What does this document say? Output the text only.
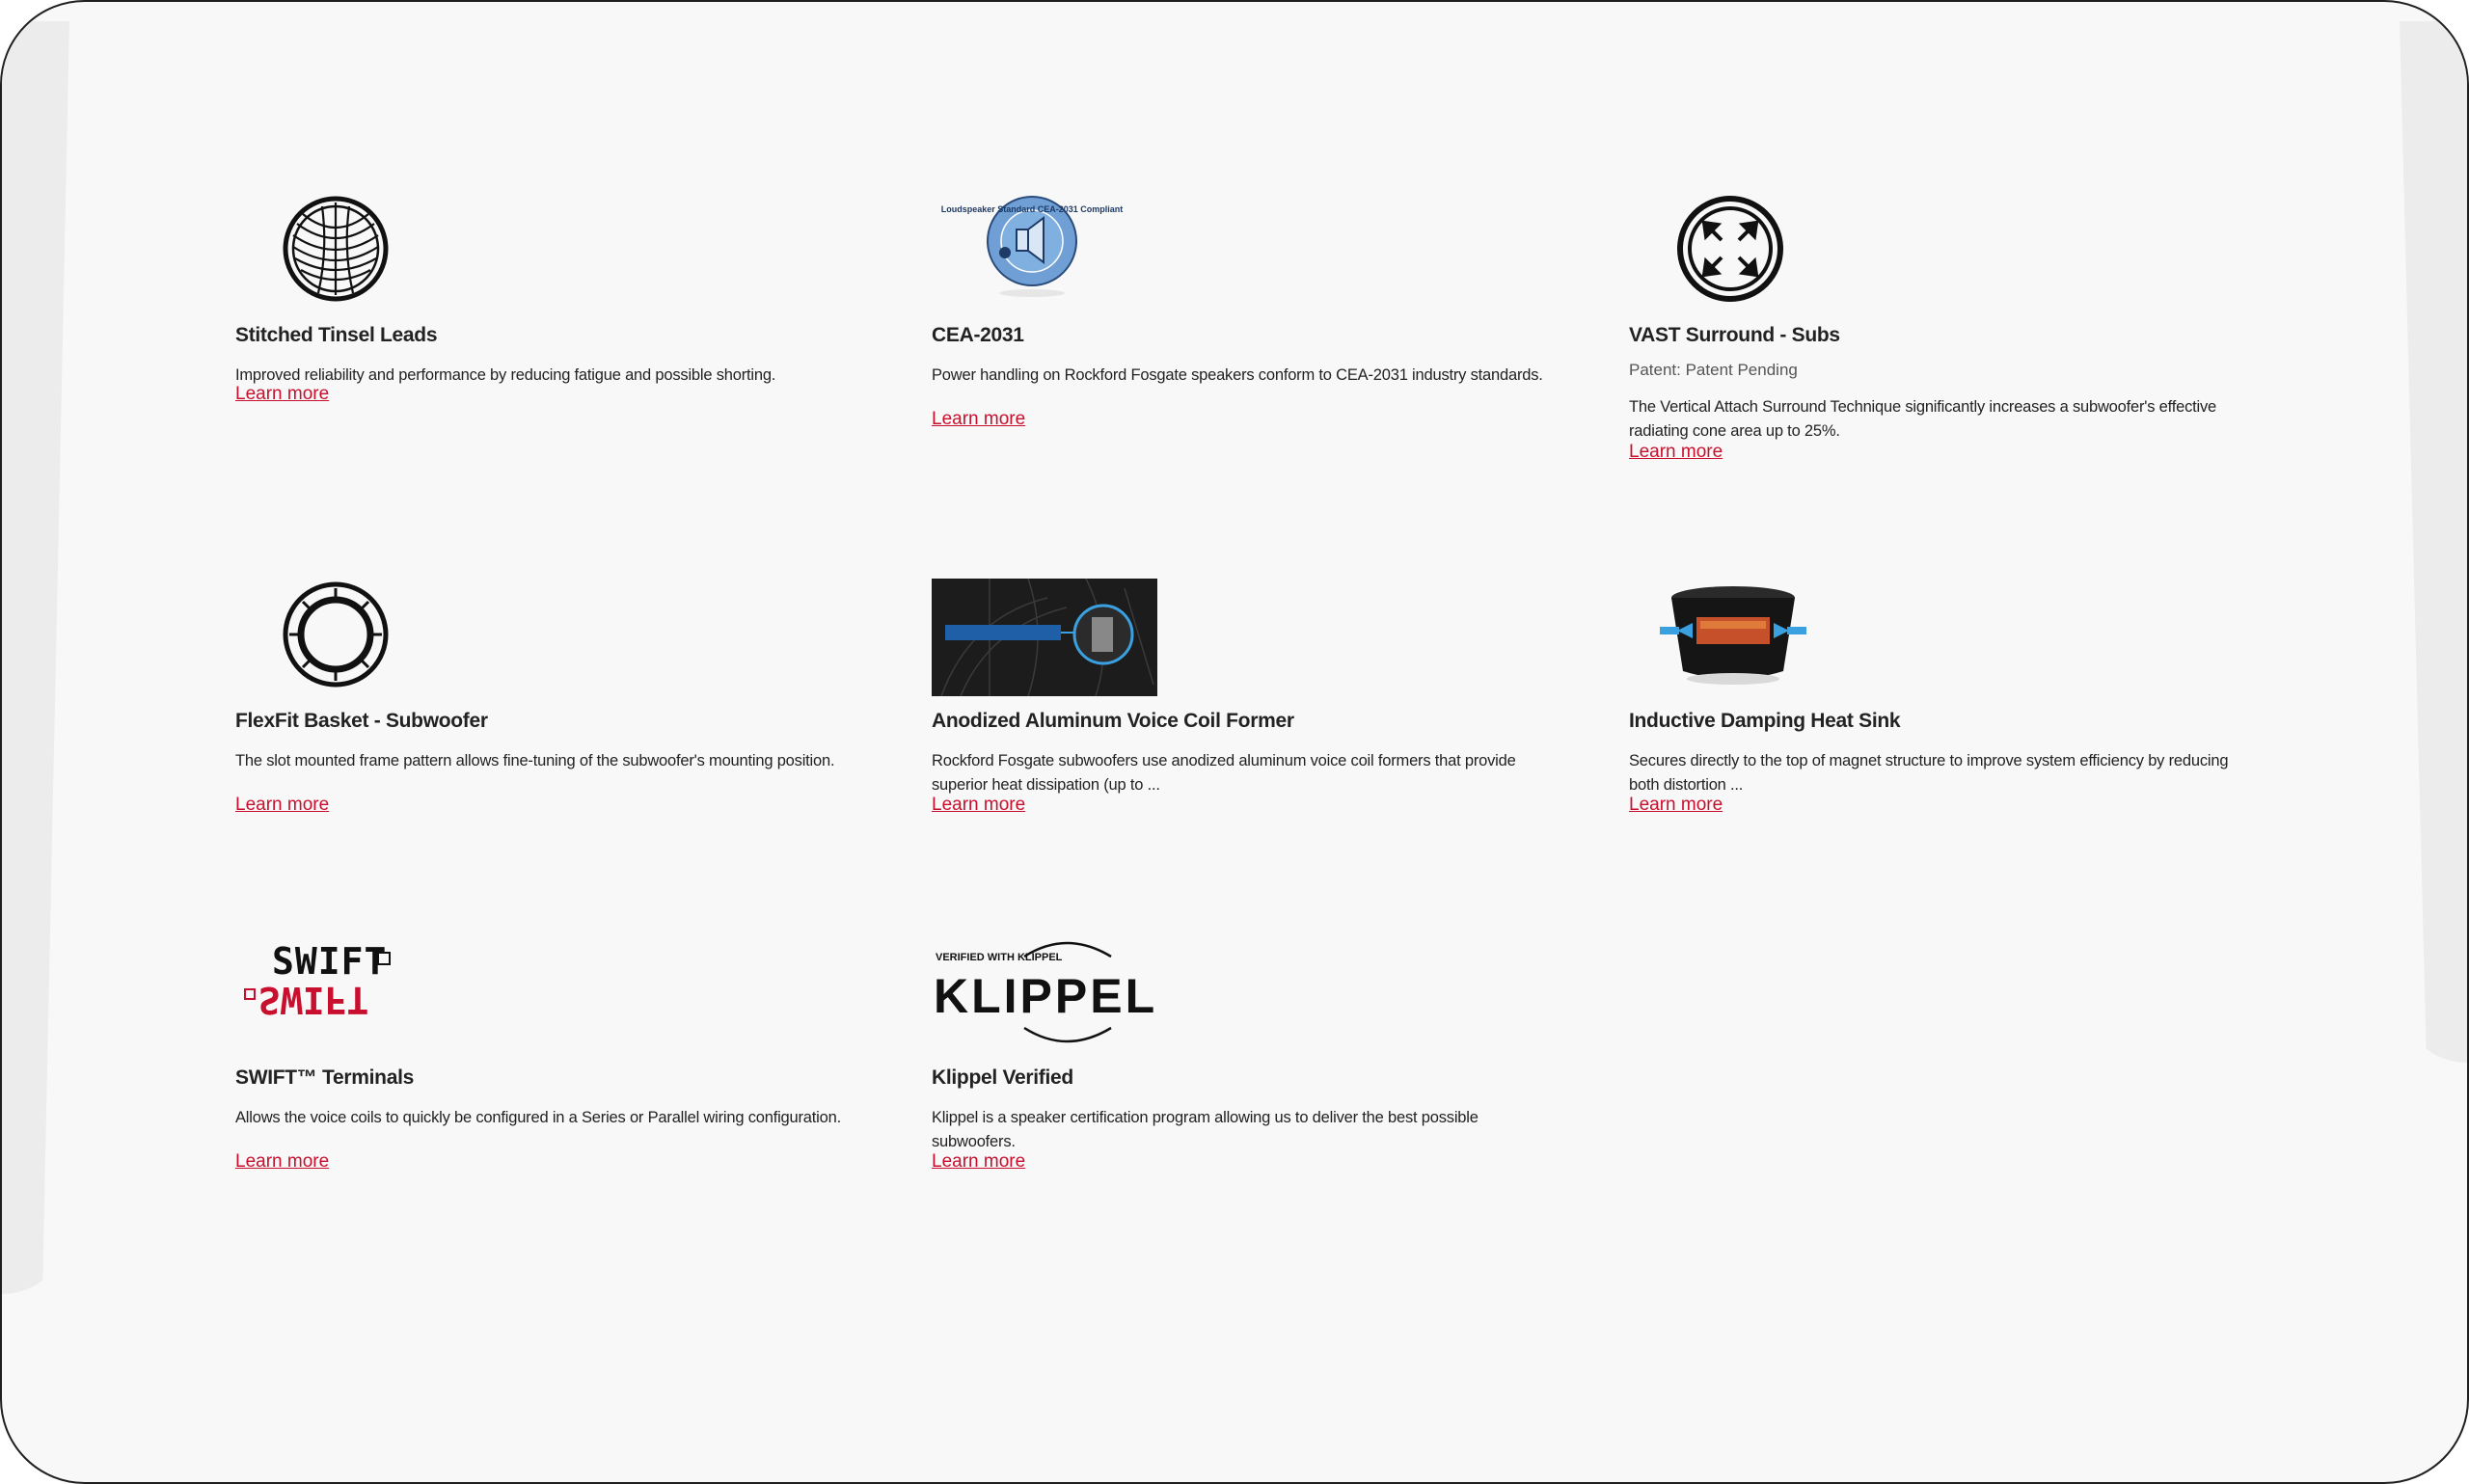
Stitched Tinsel Leads
Improved reliability and performance by reducing fatigue and possible shorting.
Learn more
Loudspeaker Standard CEA-2031 Compliant
CEA-2031
Power handling on Rockford Fosgate speakers conform to CEA-2031 industry standards.
Learn more
VAST Surround - Subs
Patent: Patent Pending
The Vertical Attach Surround Technique significantly increases a subwoofer's effective radiating cone area up to 25%.
Learn more
FlexFit Basket - Subwoofer
The slot mounted frame pattern allows fine-tuning of the subwoofer's mounting position.
Learn more
Anodized Aluminum Voice Coil Former
Rockford Fosgate subwoofers use anodized aluminum voice coil formers that provide superior heat dissipation (up to ...
Learn more
Inductive Damping Heat Sink
Secures directly to the top of magnet structure to improve system efficiency by reducing both distortion ...
Learn more
SWIFT
SWIFT
SWIFT™ Terminals
Allows the voice coils to quickly be configured in a Series or Parallel wiring configuration.
Learn more
VERIFIED WITH KLIPPEL
KLIPPEL
Klippel Verified
Klippel is a speaker certification program allowing us to deliver the best possible subwoofers.
Learn more
